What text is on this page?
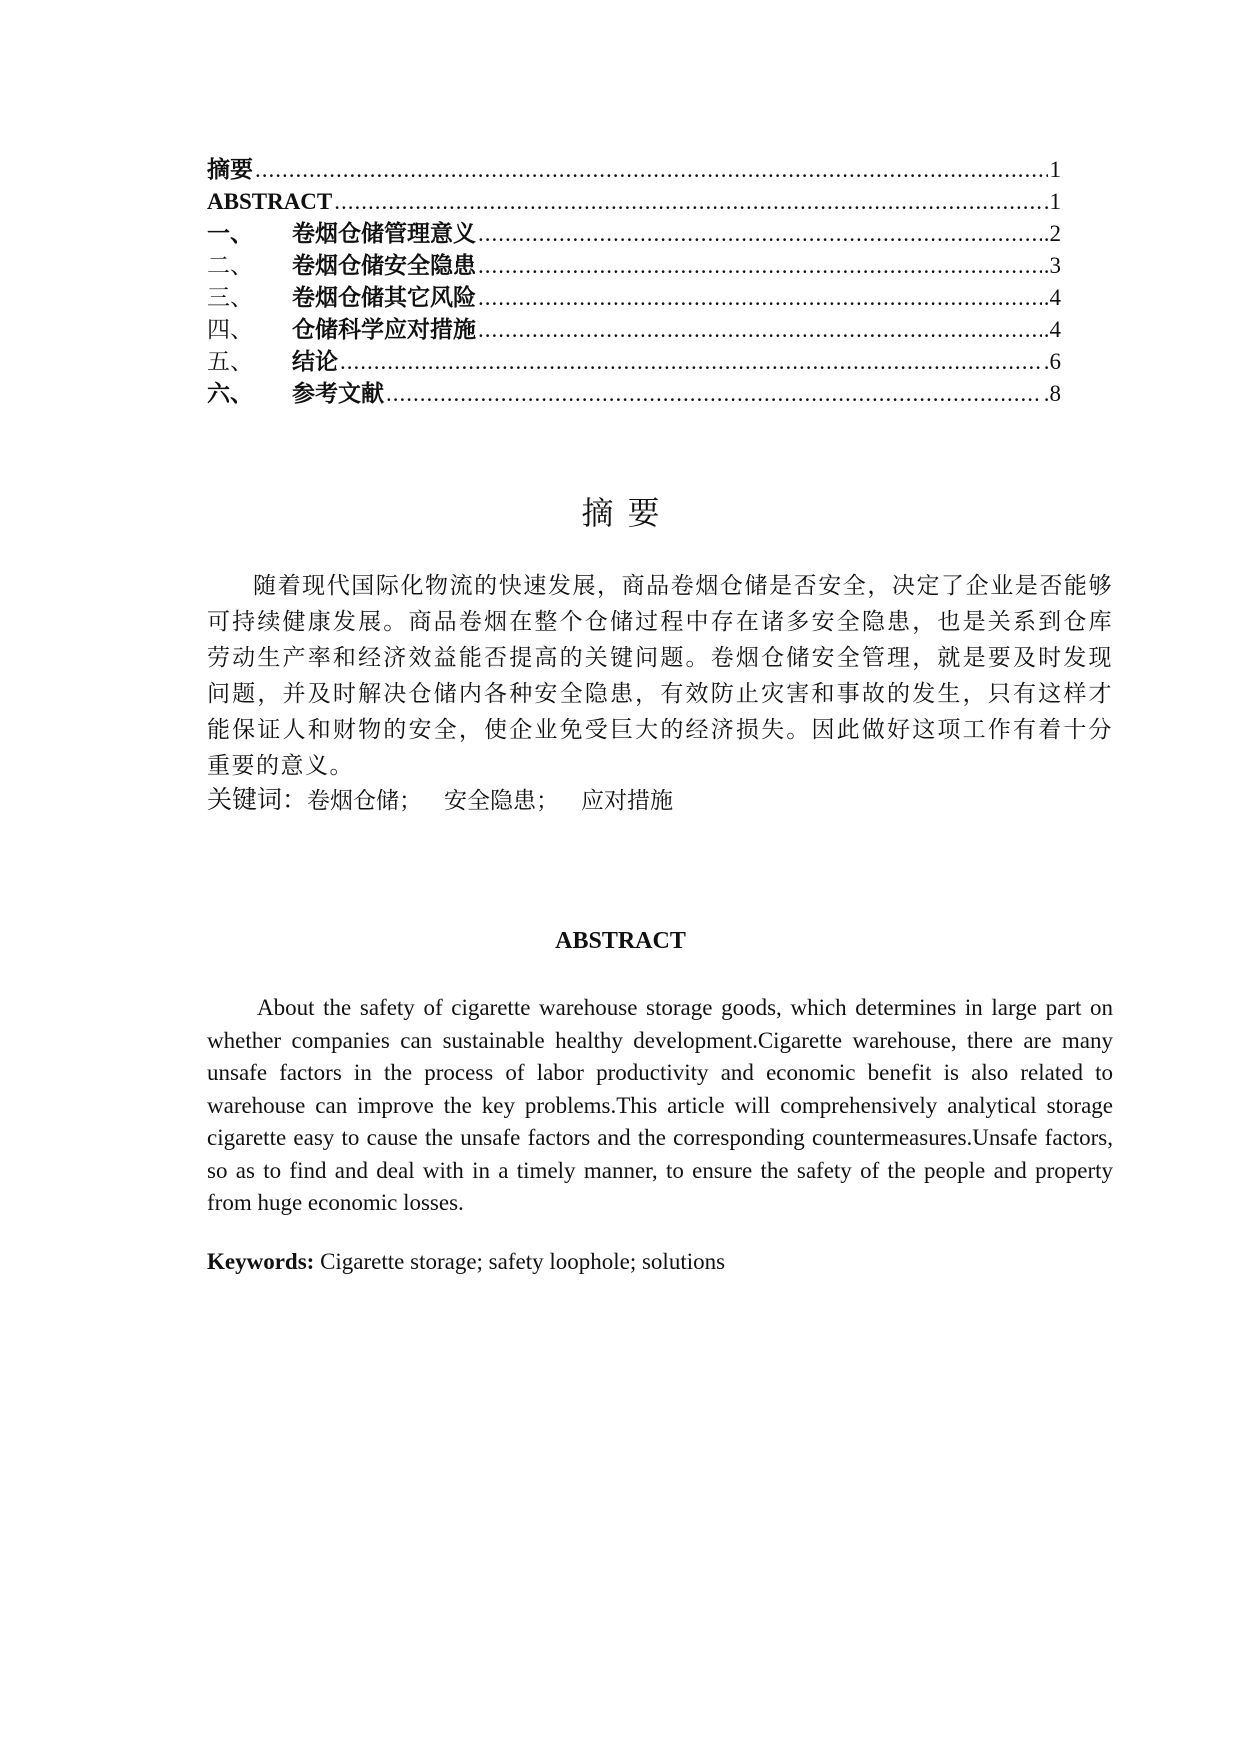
摘要 .....	1
ABSTRACT .....	.1
一、	卷烟仓储管理意义 .....	.2
二、	卷烟仓储安全隐患 .....	.3
三、	卷烟仓储其它风险 .....	.4
四、	仓储科学应对措施 .....	.4
五、	结论 .....	.6
六、	参考文献 .....	.8
摘要

随着现代国际化物流的快速发展，商品卷烟仓储是否安全，决定了企业是否能够可持续健康发展。商品卷烟在整个仓储过程中存在诸多安全隐患，也是关系到仓库劳动生产率和经济效益能否提高的关键问题。卷烟仓储安全管理，就是要及时发现问题，并及时解决仓储内各种安全隐患，有效防止灾害和事故的发生，只有这样才能保证人和财物的安全，使企业免受巨大的经济损失。因此做好这项工作有着十分重要的意义。

关键词：卷烟仓储； 安全隐患； 应对措施
ABSTRACT

About the safety of cigarette warehouse storage goods, which determines in large part on whether companies can sustainable healthy development.Cigarette warehouse, there are many unsafe factors in the process of labor productivity and economic benefit is also related to warehouse can improve the key problems.This article will comprehensively analytical storage cigarette easy to cause the unsafe factors and the corresponding countermeasures.Unsafe factors, so as to find and deal with in a timely manner, to ensure the safety of the people and property from huge economic losses.

Keywords: Cigarette storage; safety loophole; solutions
